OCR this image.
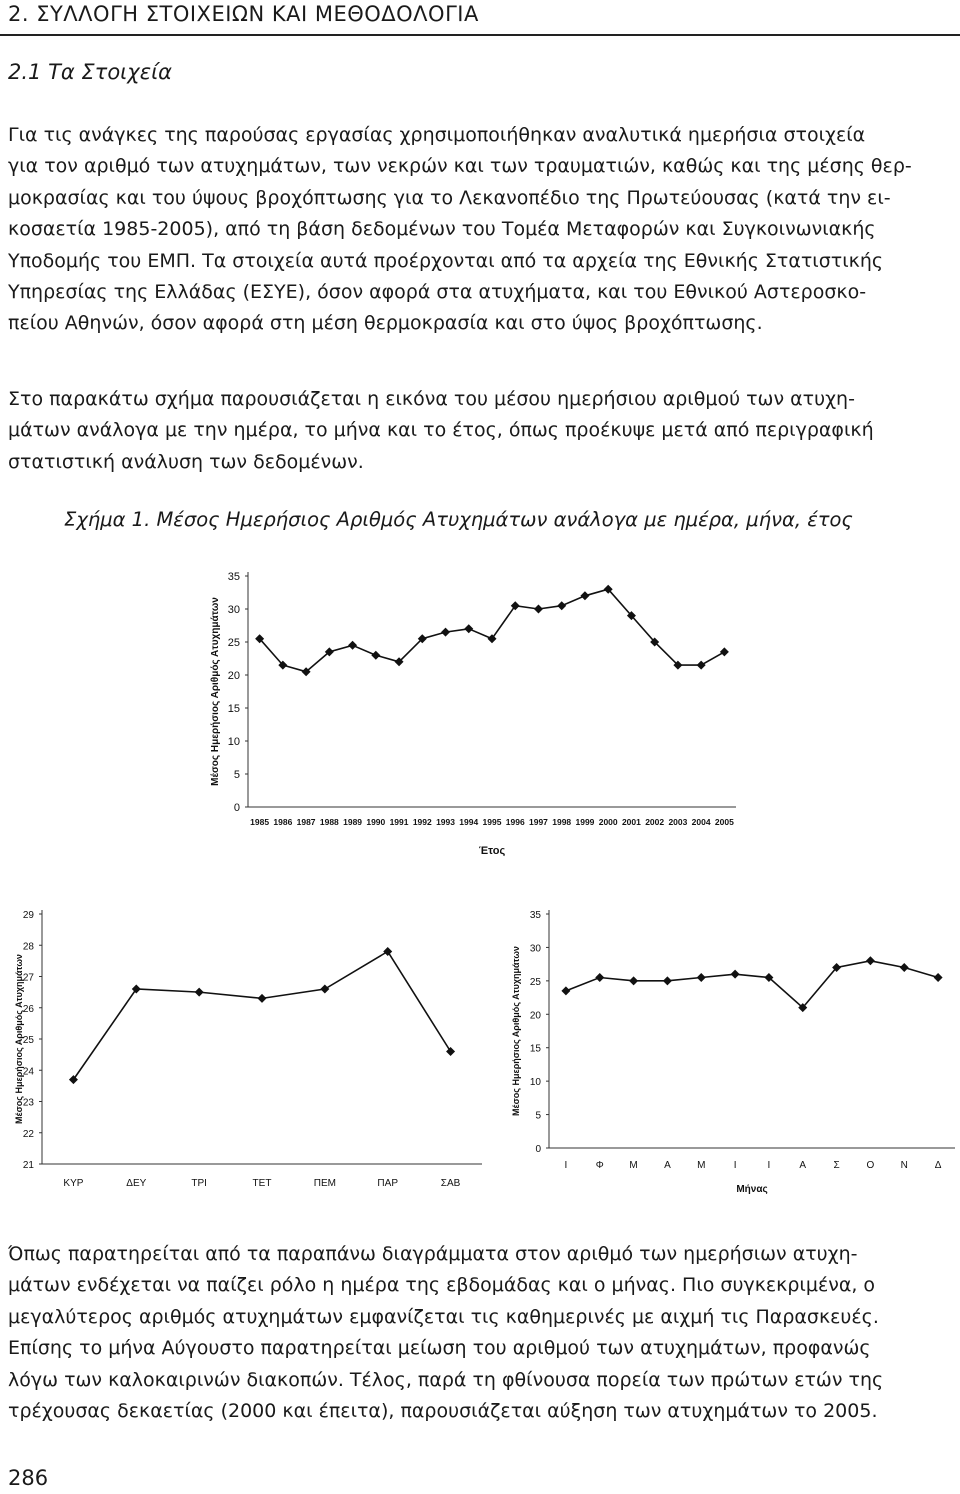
2. ΣΥΛΛΟΓΗ ΣΤΟΙΧΕΙΩΝ ΚΑΙ ΜΕΘΟΔΟΛΟΓΙΑ
2.1 Τα Στοιχεία
Για τις ανάγκες της παρούσας εργασίας χρησιμοποιήθηκαν αναλυτικά ημερήσια στοιχεία
για τον αριθμό των ατυχημάτων, των νεκρών και των τραυματιών, καθώς και της μέσης θερ-
μοκρασίας και του ύψους βροχόπτωσης για το Λεκανοπέδιο της Πρωτεύουσας (κατά την ει-
κοσαετία 1985-2005), από τη βάση δεδομένων του Τομέα Μεταφορών και Συγκοινωνιακής
Υποδομής του ΕΜΠ. Τα στοιχεία αυτά προέρχονται από τα αρχεία της Εθνικής Στατιστικής
Υπηρεσίας της Ελλάδας (ΕΣΥΕ), όσον αφορά στα ατυχήματα, και του Εθνικού Αστεροσκο-
πείου Αθηνών, όσον αφορά στη μέση θερμοκρασία και στο ύψος βροχόπτωσης.
Στο παρακάτω σχήμα παρουσιάζεται η εικόνα του μέσου ημερήσιου αριθμού των ατυχη-
μάτων ανάλογα με την ημέρα, το μήνα και το έτος, όπως προέκυψε μετά από περιγραφική
στατιστική ανάλυση των δεδομένων.
Σχήμα 1. Μέσος Ημερήσιος Αριθμός Ατυχημάτων ανάλογα με ημέρα, μήνα, έτος
0
5
10
15
20
25
30
35
1985 1986 1987 1988 1989 1990 1991 1992 1993 1994 1995 1996 1997 1998 1999 2000 2001 2002 2003 2004 2005
Μέσος Ημερήσιος Αριθμός Ατυχημάτων
Έτος
21
22
23
24
25
26
27
28
29
ΚΥΡ	ΔΕΥ	ΤΡΙ	ΤΕΤ	ΠΕΜ	ΠΑΡ	ΣΑΒ
Μέσος Ημερήσιος Αριθμός Ατυχημάτων
0
5
10
15
20
25
30
35
Ι	Φ	Μ	Α	Μ	Ι	Ι	Α	Σ	Ο	Ν	Δ
Μέσος Ημερήσιος Αριθμός Ατυχημάτων
Μήνας
Όπως παρατηρείται από τα παραπάνω διαγράμματα στον αριθμό των ημερήσιων ατυχη-
μάτων ενδέχεται να παίζει ρόλο η ημέρα της εβδομάδας και ο μήνας. Πιο συγκεκριμένα, ο
μεγαλύτερος αριθμός ατυχημάτων εμφανίζεται τις καθημερινές με αιχμή τις Παρασκευές.
Επίσης το μήνα Αύγουστο παρατηρείται μείωση του αριθμού των ατυχημάτων, προφανώς
λόγω των καλοκαιρινών διακοπών. Τέλος, παρά τη φθίνουσα πορεία των πρώτων ετών της
τρέχουσας δεκαετίας (2000 και έπειτα), παρουσιάζεται αύξηση των ατυχημάτων το 2005.
286
